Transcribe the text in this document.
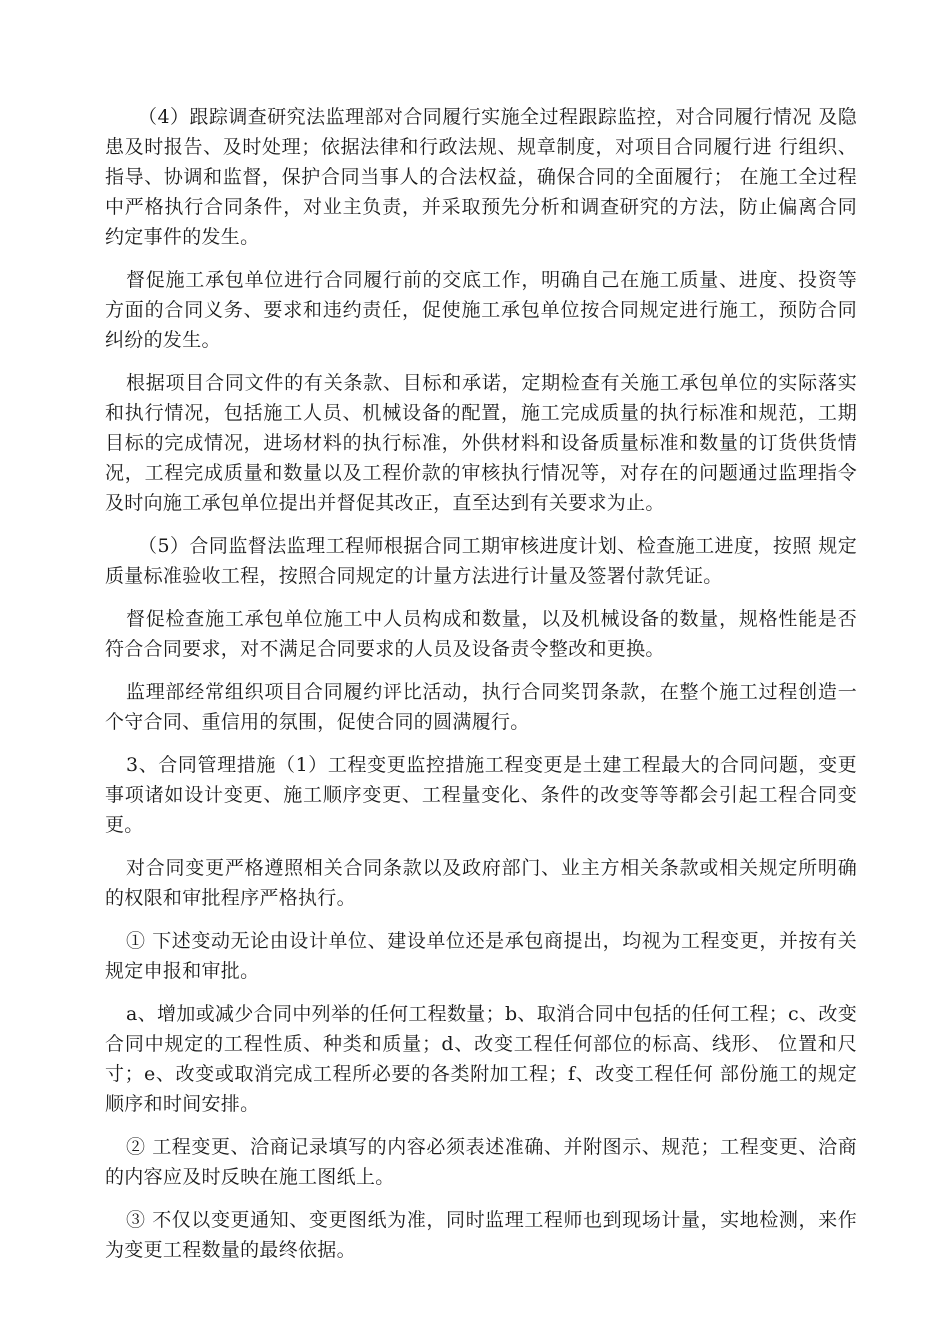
（4）跟踪调查研究法监理部对合同履行实施全过程跟踪监控，对合同履行情况 及隐患及时报告、及时处理；依据法律和行政法规、规章制度，对项目合同履行进 行组织、指导、协调和监督，保护合同当事人的合法权益，确保合同的全面履行； 在施工全过程中严格执行合同条件，对业主负责，并采取预先分析和调查研究的方法，防止偏离合同约定事件的发生。

督促施工承包单位进行合同履行前的交底工作，明确自己在施工质量、进度、投资等方面的合同义务、要求和违约责任，促使施工承包单位按合同规定进行施工，预防合同纠纷的发生。

根据项目合同文件的有关条款、目标和承诺，定期检查有关施工承包单位的实际落实和执行情况，包括施工人员、机械设备的配置，施工完成质量的执行标准和规范，工期目标的完成情况，进场材料的执行标准，外供材料和设备质量标准和数量的订货供货情况，工程完成质量和数量以及工程价款的审核执行情况等，对存在的问题通过监理指令及时向施工承包单位提出并督促其改正，直至达到有关要求为止。

（5）合同监督法监理工程师根据合同工期审核进度计划、检查施工进度，按照 规定质量标准验收工程，按照合同规定的计量方法进行计量及签署付款凭证。

督促检查施工承包单位施工中人员构成和数量，以及机械设备的数量，规格性能是否符合合同要求，对不满足合同要求的人员及设备责令整改和更换。

监理部经常组织项目合同履约评比活动，执行合同奖罚条款，在整个施工过程创造一个守合同、重信用的氛围，促使合同的圆满履行。

3、合同管理措施（1）工程变更监控措施工程变更是土建工程最大的合同问题，变更事项诸如设计变更、施工顺序变更、工程量变化、条件的改变等等都会引起工程合同变更。

对合同变更严格遵照相关合同条款以及政府部门、业主方相关条款或相关规定所明确的权限和审批程序严格执行。

① 下述变动无论由设计单位、建设单位还是承包商提出，均视为工程变更，并按有关规定申报和审批。

a、增加或减少合同中列举的任何工程数量；b、取消合同中包括的任何工程；c、改变合同中规定的工程性质、种类和质量；d、改变工程任何部位的标高、线形、 位置和尺寸；e、改变或取消完成工程所必要的各类附加工程；f、改变工程任何 部份施工的规定顺序和时间安排。

② 工程变更、洽商记录填写的内容必须表述准确、并附图示、规范；工程变更、洽商的内容应及时反映在施工图纸上。

③ 不仅以变更通知、变更图纸为准，同时监理工程师也到现场计量，实地检测，来作为变更工程数量的最终依据。
